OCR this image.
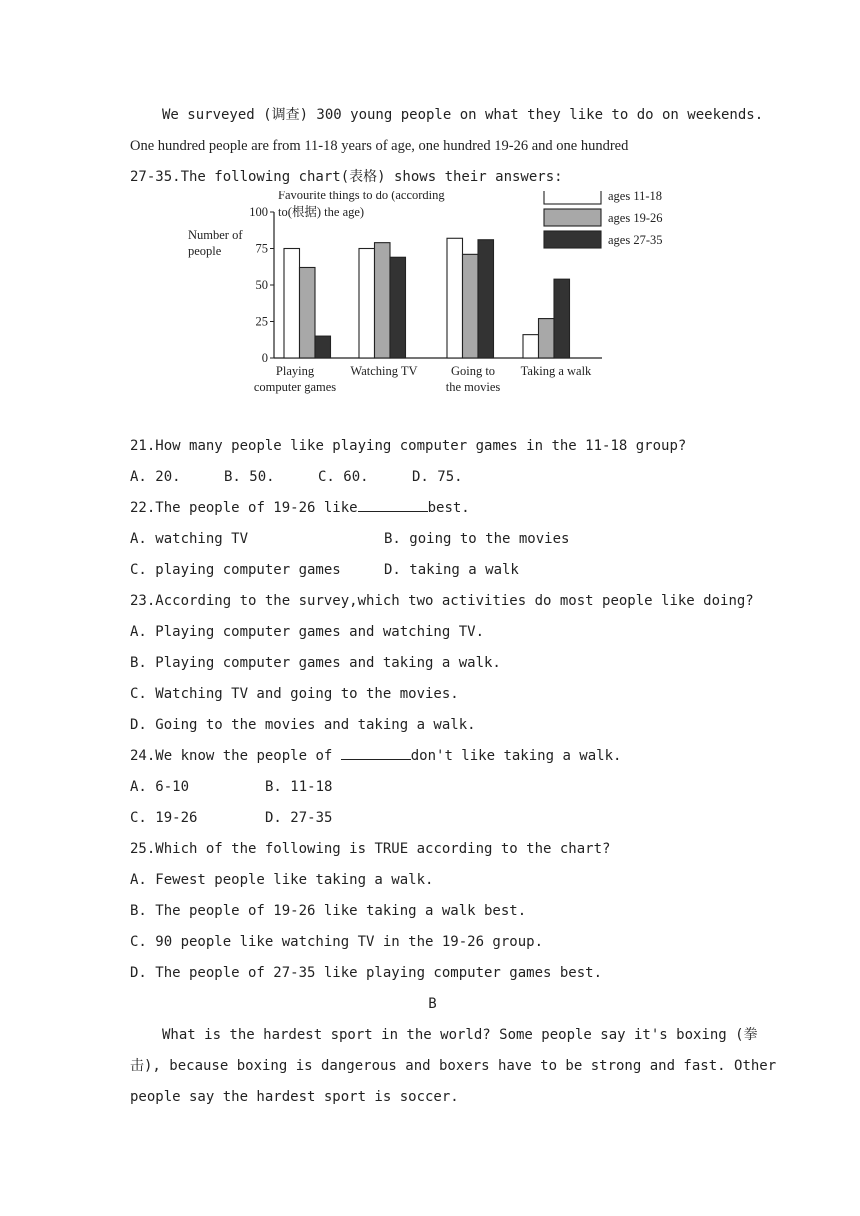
We surveyed (调查) 300 young people on what they like to do on weekends.
One hundred people are from 11-18 years of age, one hundred 19-26 and one hundred
27-35.The following chart(表格) shows their answers:
Favourite things to do (according
to(根据) the age)
Number of
people
100
75
50
25
0
Playing
computer games
Watching TV	Going to
the movies
Taking a walk
ages 11-18
ages 19-26
ages 27-35
21.How many people like playing computer games in the 11-18 group?
A. 20.	B. 50.	C. 60.	D. 75.
22.The people of 19-26 like	best.
A. watching TV	B. going to the movies
C. playing computer games	D. taking a walk
23.According to the survey,which two activities do most people like doing?
A. Playing computer games and watching TV.
B. Playing computer games and taking a walk.
C. Watching TV and going to the movies.
D. Going to the movies and taking a walk.
24.We know the people of	don't like taking a walk.
A. 6-10	B. 11-18
C. 19-26	D. 27-35
25.Which of the following is TRUE according to the chart?
A. Fewest people like taking a walk.
B. The people of 19-26 like taking a walk best.
C. 90 people like watching TV in the 19-26 group.
D. The people of 27-35 like playing computer games best.
B
What is the hardest sport in the world? Some people say it's boxing (拳
击), because boxing is dangerous and boxers have to be strong and fast. Other
people say the hardest sport is soccer.
